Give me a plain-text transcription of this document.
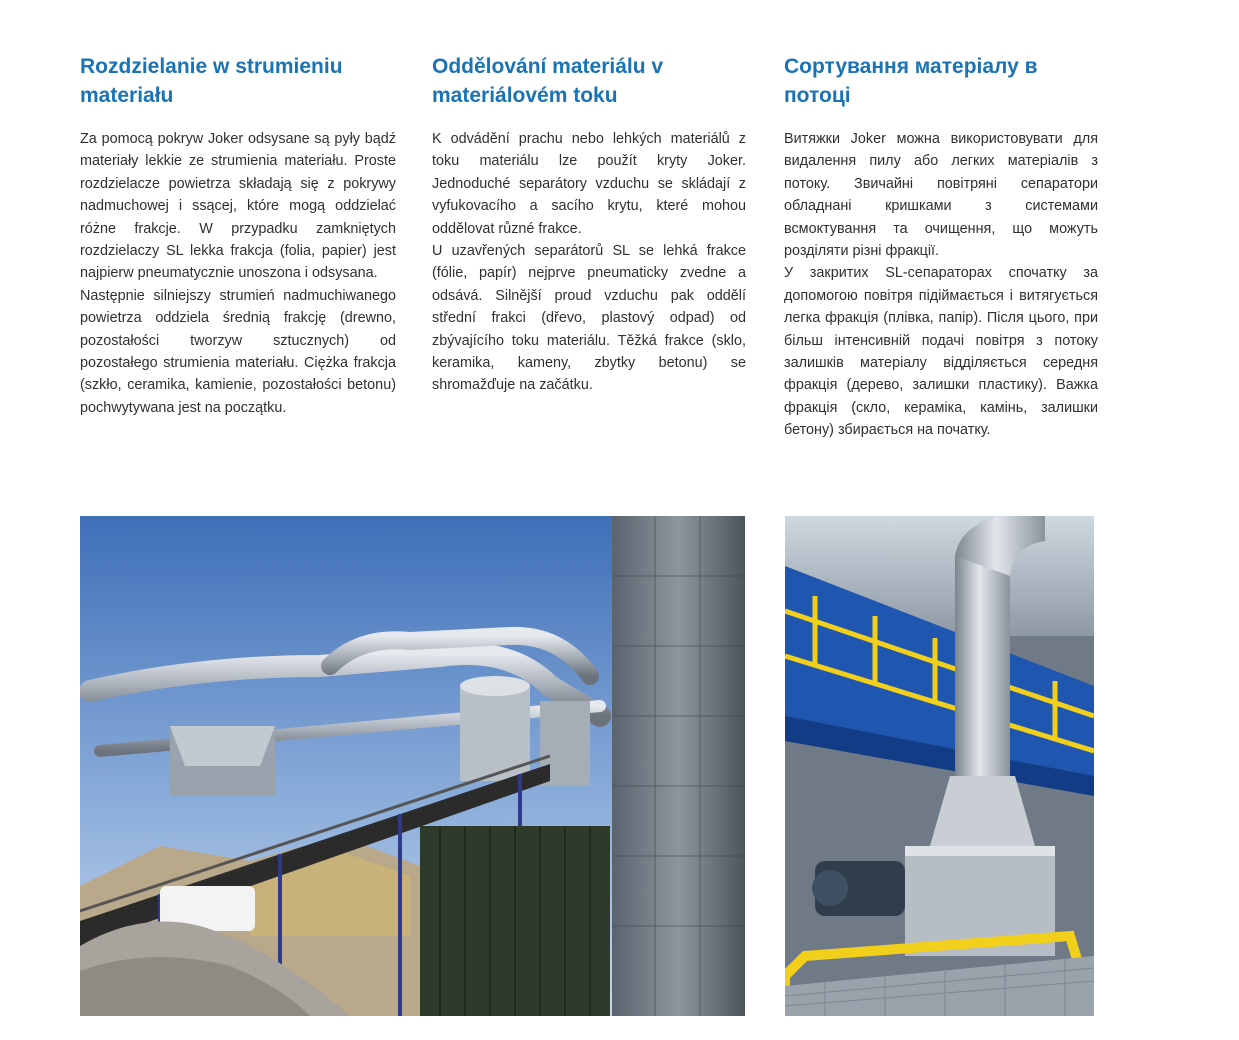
Rozdzielanie w strumieniu
materiału

Za pomocą pokryw Joker odsysane są pyły bądź materiały lekkie ze strumienia materiału. Proste rozdzielacze powietrza składają się z pokrywy nadmuchowej i ssącej, które mogą oddzielać różne frakcje. W przypadku zamkniętych rozdzielaczy SL lekka frakcja (folia, papier) jest najpierw pneumatycznie unoszona i odsysana.

Następnie silniejszy strumień nadmuchiwanego powietrza oddziela średnią frakcję (drewno, pozostałości tworzyw sztucznych) od pozostałego strumienia materiału. Ciężka frakcja (szkło, ceramika, kamienie, pozostałości betonu) pochwytywana jest na początku.

Oddělování materiálu v
materiálovém toku

K odvádění prachu nebo lehkých materiálů z toku materiálu lze použít kryty Joker. Jednoduché separátory vzduchu se skládají z vyfukovacího a sacího krytu, které mohou oddělovat různé frakce.

U uzavřených separátorů SL se lehká frakce (fólie, papír) nejprve pneumaticky zvedne a odsává. Silnější proud vzduchu pak oddělí střední frakci (dřevo, plastový odpad) od zbývajícího toku materiálu. Těžká frakce (sklo, keramika, kameny, zbytky betonu) se shromažďuje na začátku.

Сортування матеріалу в
потоці

Витяжки Joker можна використовувати для видалення пилу або легких матеріалів з потоку. Звичайні повітряні сепаратори обладнані кришками з системами всмоктування та очищення, що можуть розділяти різні фракції.

У закритих SL-сепараторах спочатку за допомогою повітря підіймається і витягується легка фракція (плівка, папір). Після цього, при більш інтенсивній подачі повітря з потоку залишків матеріалу відділяється середня фракція (дерево, залишки пластику). Важка фракція (скло, кераміка, камінь, залишки бетону) збирається на початку.
